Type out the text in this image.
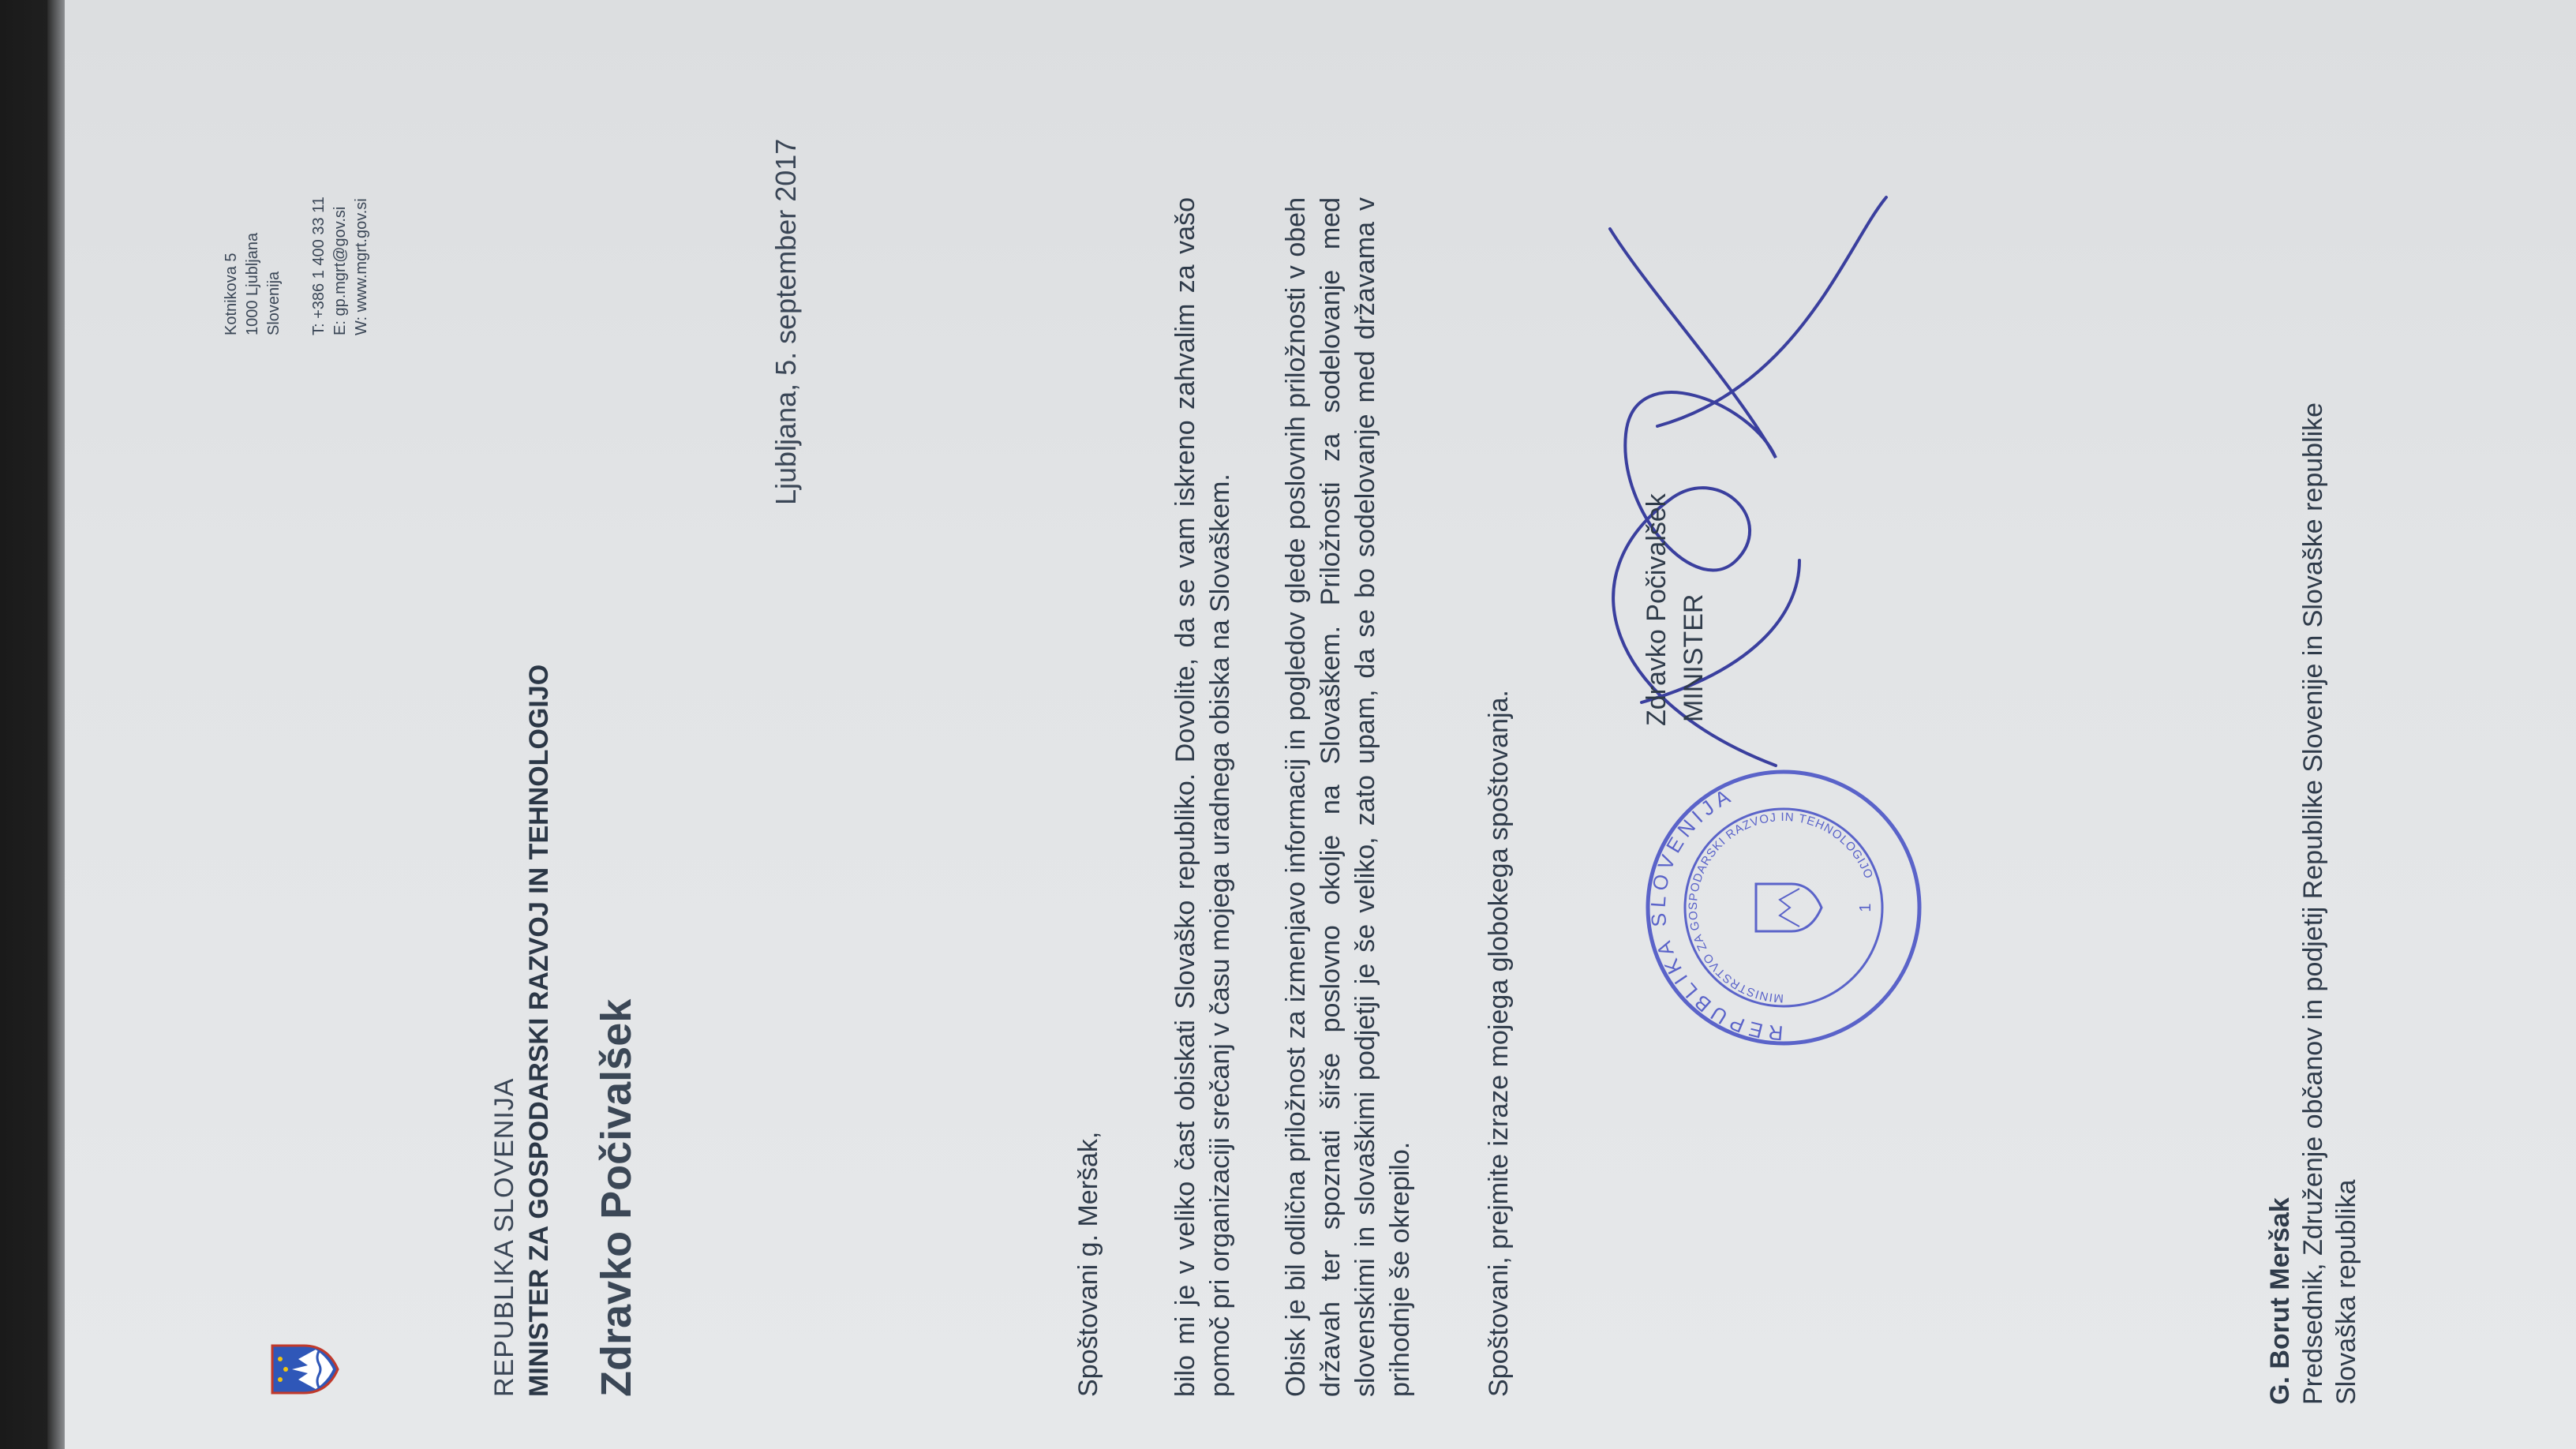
REPUBLIKA SLOVENIJA MINISTER ZA GOSPODARSKI RAZVOJ IN TEHNOLOGIJO Zdravko Počivalšek
Kotnikova 5 1000 Ljubljana Slovenija T: +386 1 400 33 11 E: gp.mgrt@gov.si W: www.mgrt.gov.si	Ljubljana, 5. september 2017
Spoštovani g. Meršak,	bilo mi je v veliko čast obiskati Slovaško republiko. Dovolite, da se vam iskreno zahvalim za vašo pomoč pri organizaciji srečanj v času mojega uradnega obiska na Slovaškem. Obisk je bil odlična priložnost za izmenjavo informacij in pogledov glede poslovnih priložnosti v obeh državah ter spoznati širše poslovno okolje na Slovaškem. Priložnosti za sodelovanje med slovenskimi in slovaškimi podjetji je še veliko, zato upam, da se bo sodelovanje med državama v prihodnje še okrepilo.	Spoštovani, prejmite izraze mojega globokega spoštovanja.	REPUBLIKA SLOVENIJA
MINISTRSTVO ZA GOSPODARSKI RAZVOJ IN TEHNOLOGIJO
1
Zdravko Počivalšek MINISTER
G. Borut Meršak Predsednik, Združenje občanov in podjetij Republike Slovenije in Slovaške republike Slovaška republika
